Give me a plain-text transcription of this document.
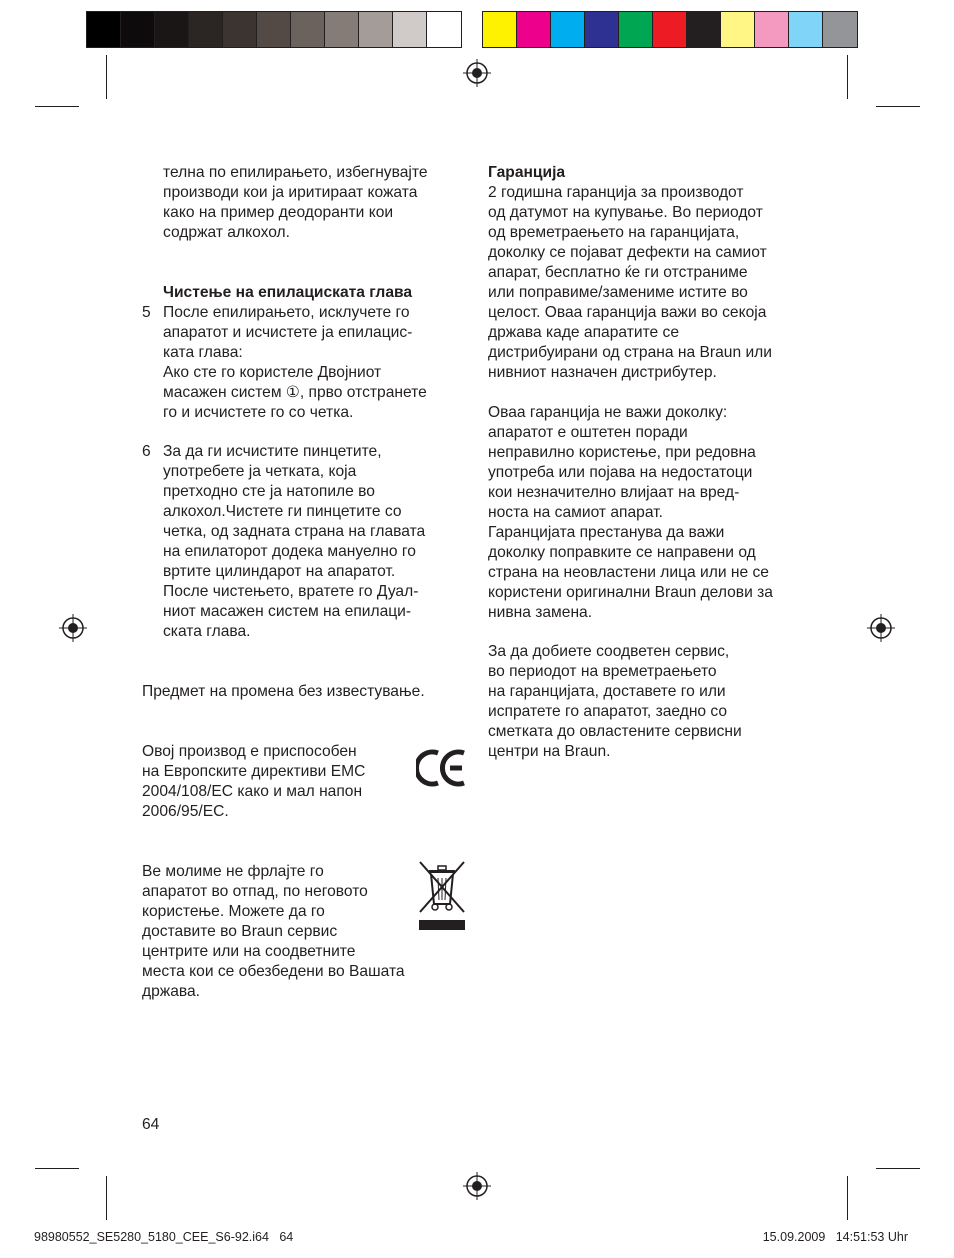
телна по епилирањето, избегнувајте
производи кои ја иритираат кожата
како на пример деодоранти кои
содржат алкохол.

Чистење на епилациската глава

5 После епилирањето, исклучете го
апаратот и исчистете ја епилацис-
ката глава:
Ако сте го користеле Двојниот
масажен систем ①, прво отстранете
го и исчистете го со четка.

6 За да ги исчистите пинцетите,
употребете ја четката, која
претходно сте ја натопиле во
алкохол.Чистете ги пинцетите со
четка, од задната страна на главата
на епилаторот додека мануелно го
вртите цилиндарот на апаратот.
После чистењето, вратете го Дуал-
ниот масажен систем на епилаци-
ската глава.

Предмет на промена без известување.

Овој производ е приспособен
на Европските директиви EMC
2004/108/EC како и мал напон
2006/95/EC.

Ве молиме не фрлајте го
апаратот во отпад, по неговото
користење. Можете да го
доставите во Braun сервис
центрите или на соодветните
места кои се обезбедени во Вашата
држава.

Гаранција

2 годишна гаранција за производот
од датумот на купување. Во периодот
од времетраењето на гаранцијата,
доколку се појават дефекти на самиот
апарат, бесплатно ќе ги отстраниме
или поправиме/замениме истите во
целост. Оваа гаранција важи во секоја
држава каде апаратите се
дистрибуирани од страна на Braun или
нивниот назначен дистрибутер.

Оваа гаранција не важи доколку:
апаратот е оштетен поради
неправилно користење, при редовна
употреба или појава на недостатоци
кои незначително влијаат на вред-
носта на самиот апарат.
Гаранцијата престанува да важи
доколку поправките се направени од
страна на неовластени лица или не се
користени оригинални Braun делови за
нивна замена.

За да добиете соодветен сервис,
во периодот на времетраењето
на гаранцијата, доставете го или
испратете го апаратот, заедно со
сметката до овластените сервисни
центри на Braun.

64
98980552_SE5280_5180_CEE_S6-92.i64   64	15.09.2009   14:51:53 Uhr
